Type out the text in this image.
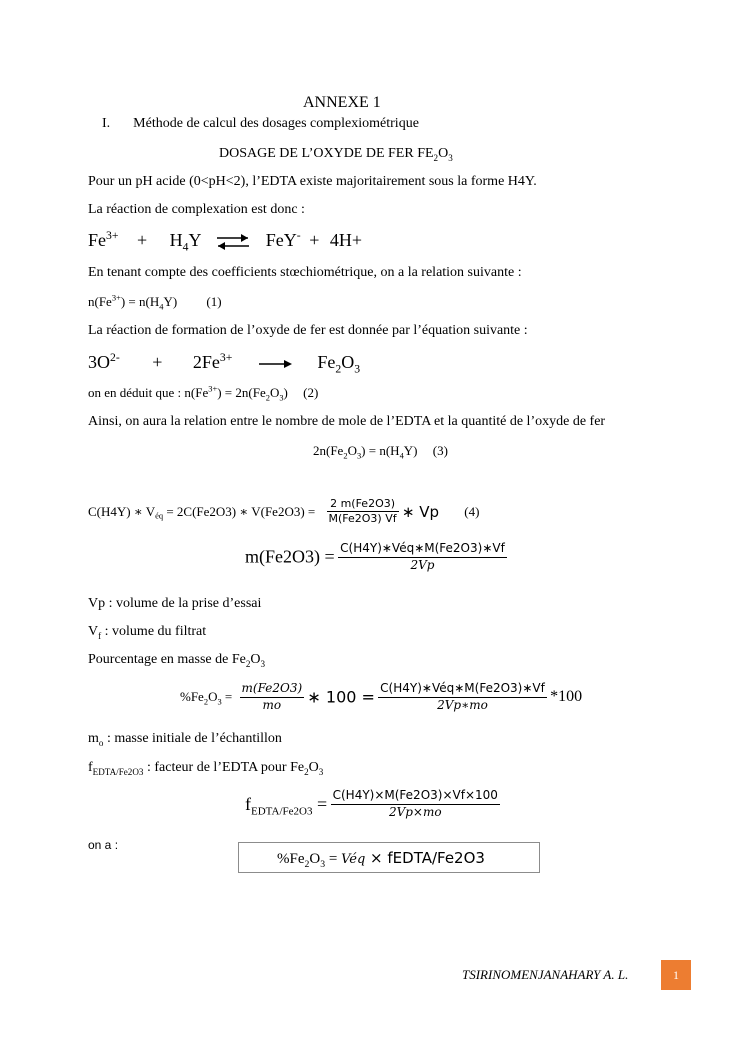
ANNEXE 1
I. Méthode de calcul des dosages complexiométrique
DOSAGE DE L’OXYDE DE FER $FE_2O_3$
Pour un pH acide (0<pH<2), l’EDTA existe majoritairement sous la forme H4Y.
La réaction de complexation est donc :
$Fe^{3+} + H_4Y$ ⇌ FeY- + 4H+
En tenant compte des coefficients stœchiométrique, on a la relation suivante :
$n(Fe^{3+}) = n(H_4Y)$ (1)
La réaction de formation de l’oxyde de fer est donnée par l’équation suivante :
$3O^{2-} + 2Fe^{3+} \to Fe_2O_3$
on en déduit que : $n(Fe^{3+}) = 2n(Fe_2O_3)$ (2)
Ainsi, on aura la relation entre le nombre de mole de l’EDTA et la quantité de l’oxyde de fer
$2n(Fe_2O_3) = n(H_4Y)$ (3)
C(H4Y) ∗ $V_{éq} = 2C(Fe2O3)$ ∗ $V(Fe2O3) = \frac{2 m(Fe2O3)}{M(Fe2O3) Vf}$ ∗ Vp (4)
$m(Fe2O3) = \frac{\text{C(H4Y)∗Véq∗M(Fe2O3)∗Vf}}{2Vp}$
Vp : volume de la prise d’essai
$V_f$ : volume du filtrat
Pourcentage en masse de $Fe_2O_3$
$\%Fe_2O_3 = \frac{m(Fe2O3)}{mo}$ ∗ $100 = \frac{\text{C(H4Y)∗Véq∗M(Fe2O3)∗Vf}}{2Vp∗mo} *100$
$m_o$ : masse initiale de l’échantillon
$f_{EDTA/Fe2O3}$ : facteur de l’EDTA pour $Fe_2O_3$
$f_{EDTA/Fe2O3} = \frac{C(H4Y)\times M(Fe2O3)\times Vf\times 100}{2Vp\times mo}$
on a :
$\%Fe_2O_3$ = Véq × fEDTA/Fe2O3
TSIRINOMENJANAHARY A. L.	1
